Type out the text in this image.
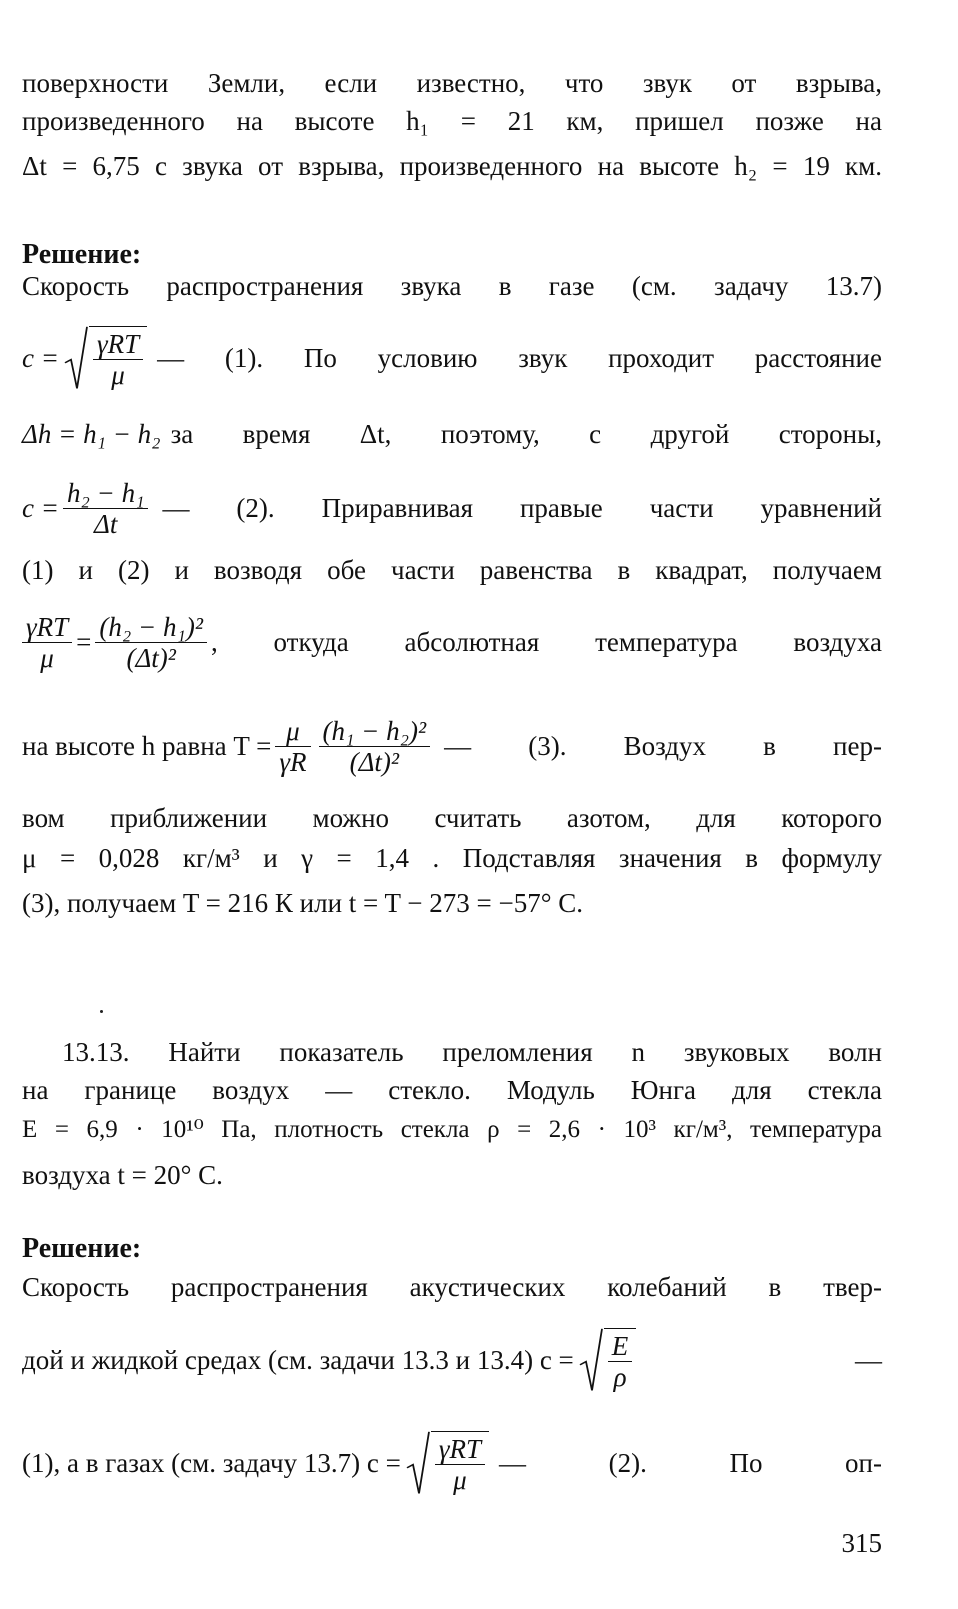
поверхности Земли, если известно, что звук от взрыва,
произведенного на высоте h₁ = 21 км, пришел позже на
Δt = 6,75 с звука от взрыва, произведенного на высоте h₂ = 19 км.
Решение:
Скорость распространения звука в газе (см. задачу 13.7)
$c = \frac{\text{γRT}}{\mu}$ — (1). По условию звук проходит расстояние
Δh = h₁ − h₂ за время Δt, поэтому, с другой стороны,
$c = \frac{\text{h₂ − h₁}}{\Delta t}$ — (2). Приравнивая правые части уравнений
(1) и (2) и возводя обе части равенства в квадрат, получаем
$\frac{\text{γRT}}{\mu} = \frac{\text{(h₂ − h₁)²}}{\text{(Δt)²}}$ , откуда абсолютная температура воздуха
на высоте h равна $T = \frac{\mu}{\gamma R} \frac{\text{(h₁ − h₂)²}}{\text{(Δt)²}}$ — (3). Воздух в пер-
вом приближении можно считать азотом, для которого
μ = 0,028 кг/м³ и γ = 1,4 . Подставляя значения в формулу
(3), получаем T = 216 К или t = T − 273 = −57° С.
13.13. Найти показатель преломления n звуковых волн
на границе воздух — стекло. Модуль Юнга для стекла
E = 6,9 · 10¹⁰ Па, плотность стекла ρ = 2,6 · 10³ кг/м³, температура
воздуха t = 20° С.
Решение:
Скорость распространения акустических колебаний в твер-
дой и жидкой средах (см. задачи 13.3 и 13.4) $c = \frac{E}{\rho}$	—
(1), а в газах (см. задачу 13.7) $c = \frac{\text{γRT}}{\mu}$ — (2). По оп-
315
